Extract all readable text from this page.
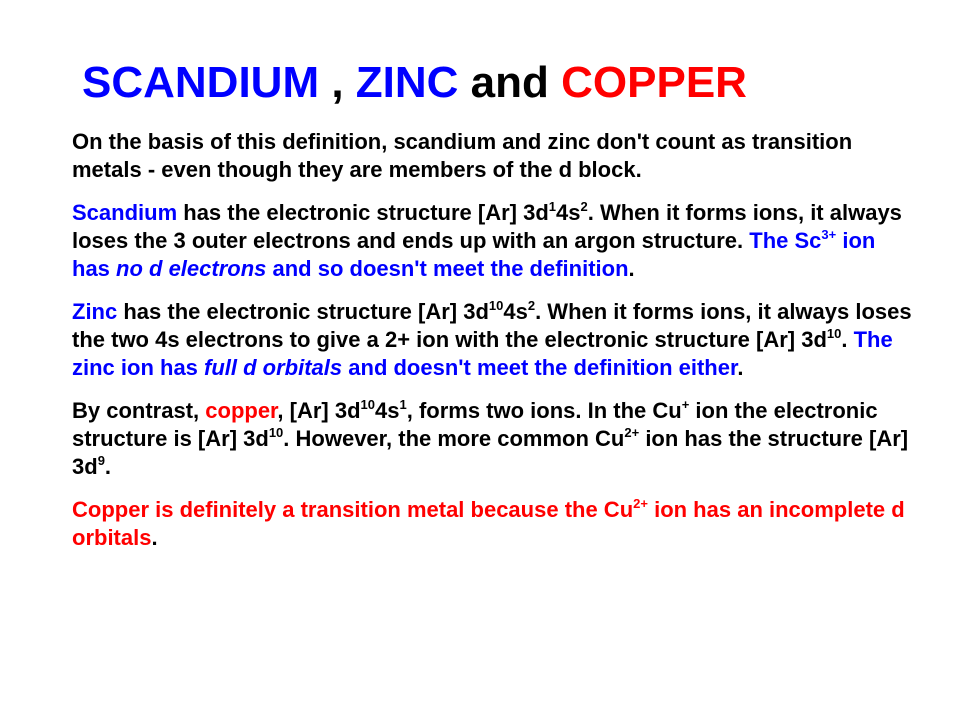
SCANDIUM , ZINC and COPPER

On the basis of this definition, scandium and zinc don't count as transition metals - even though they are members of the d block.

Scandium has the electronic structure [Ar] $3d^14s^2$. When it forms ions, it always loses the 3 outer electrons and ends up with an argon structure. The $Sc^{3+}$ ion has no d electrons and so doesn't meet the definition.

Zinc has the electronic structure [Ar] $3d^{10}4s^2$. When it forms ions, it always loses the two 4s electrons to give a 2+ ion with the electronic structure [Ar] $3d^{10}$. The zinc ion has full d orbitals and doesn't meet the definition either.

By contrast, copper, [Ar] $3d^{10}4s^1$, forms two ions. In the Cu+ ion the electronic structure is [Ar] $3d^{10}$. However, the more common $Cu^{2+}$ ion has the structure [Ar] $3d^9$.

Copper is definitely a transition metal because the $Cu^{2+}$ ion has an incomplete d orbitals.
